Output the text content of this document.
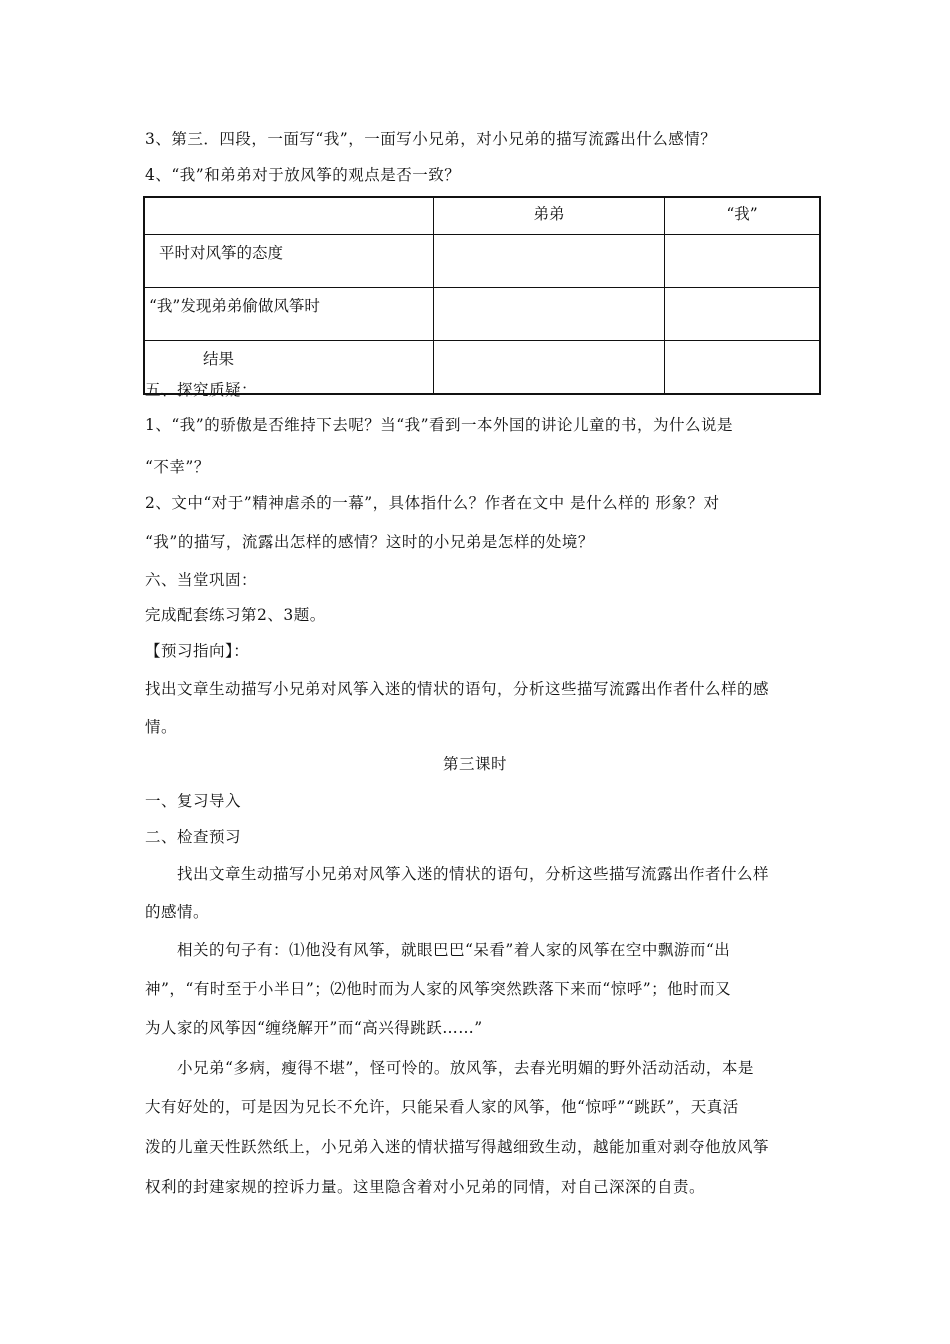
3、第三．四段，一面写“我”，一面写小兄弟，对小兄弟的描写流露出什么感情？
4、“我”和弟弟对于放风筝的观点是否一致？
	弟弟	“我”
平时对风筝的态度		
“我”发现弟弟偷做风筝时		
结果		
五、探究质疑：
1、“我”的骄傲是否维持下去呢？当“我”看到一本外国的讲论儿童的书，为什么说是
“不幸”？
2、文中“对于”精神虐杀的一幕”，具体指什么？作者在文中 是什么样的 形象？对
“我”的描写，流露出怎样的感情？这时的小兄弟是怎样的处境？
六、当堂巩固：
完成配套练习第2、3题。
【预习指向】：
找出文章生动描写小兄弟对风筝入迷的情状的语句，分析这些描写流露出作者什么样的感
情。
第三课时
一、复习导入
二、检查预习
找出文章生动描写小兄弟对风筝入迷的情状的语句，分析这些描写流露出作者什么样
的感情。
相关的句子有：⑴他没有风筝，就眼巴巴“呆看”着人家的风筝在空中飘游而“出
神”，“有时至于小半日”；⑵他时而为人家的风筝突然跌落下来而“惊呼”；他时而又
为人家的风筝因“缠绕解开”而“高兴得跳跃……”
小兄弟“多病，瘦得不堪”，怪可怜的。放风筝，去春光明媚的野外活动活动，本是
大有好处的，可是因为兄长不允许，只能呆看人家的风筝，他“惊呼”“跳跃”，天真活
泼的儿童天性跃然纸上，小兄弟入迷的情状描写得越细致生动，越能加重对剥夺他放风筝
权利的封建家规的控诉力量。这里隐含着对小兄弟的同情，对自己深深的自责。
